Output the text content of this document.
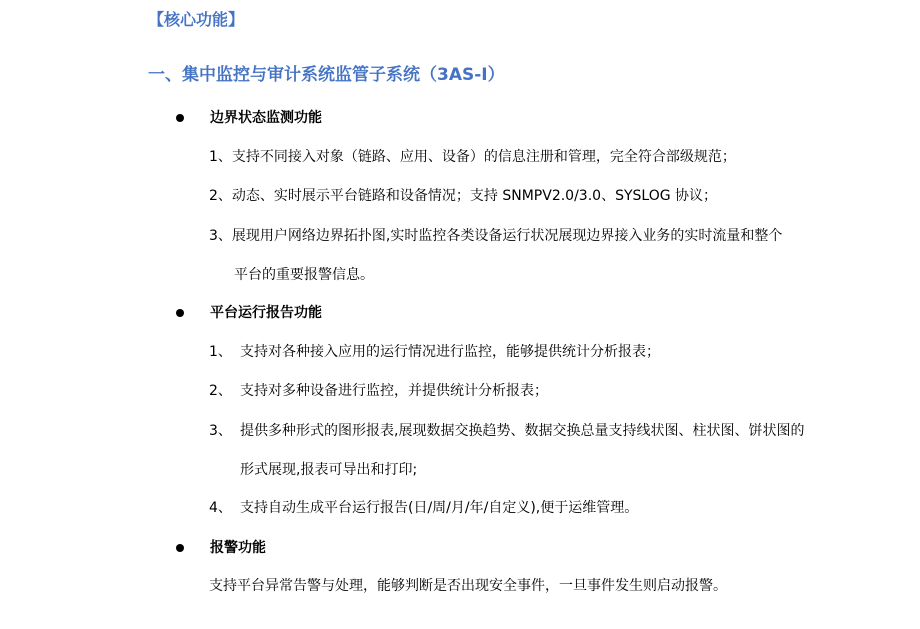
【核心功能】
一、集中监控与审计系统监管子系统（3AS-I）
边界状态监测功能
1、支持不同接入对象（链路、应用、设备）的信息注册和管理，完全符合部级规范；
2、动态、实时展示平台链路和设备情况；支持 SNMPV2.0/3.0、SYSLOG 协议；
3、展现用户网络边界拓扑图,实时监控各类设备运行状况展现边界接入业务的实时流量和整个
平台的重要报警信息。
平台运行报告功能
1、 支持对各种接入应用的运行情况进行监控，能够提供统计分析报表；
2、 支持对多种设备进行监控，并提供统计分析报表；
3、 提供多种形式的图形报表,展现数据交换趋势、数据交换总量支持线状图、柱状图、饼状图的
形式展现,报表可导出和打印;
4、 支持自动生成平台运行报告(日/周/月/年/自定义),便于运维管理。
报警功能
支持平台异常告警与处理，能够判断是否出现安全事件，一旦事件发生则启动报警。
